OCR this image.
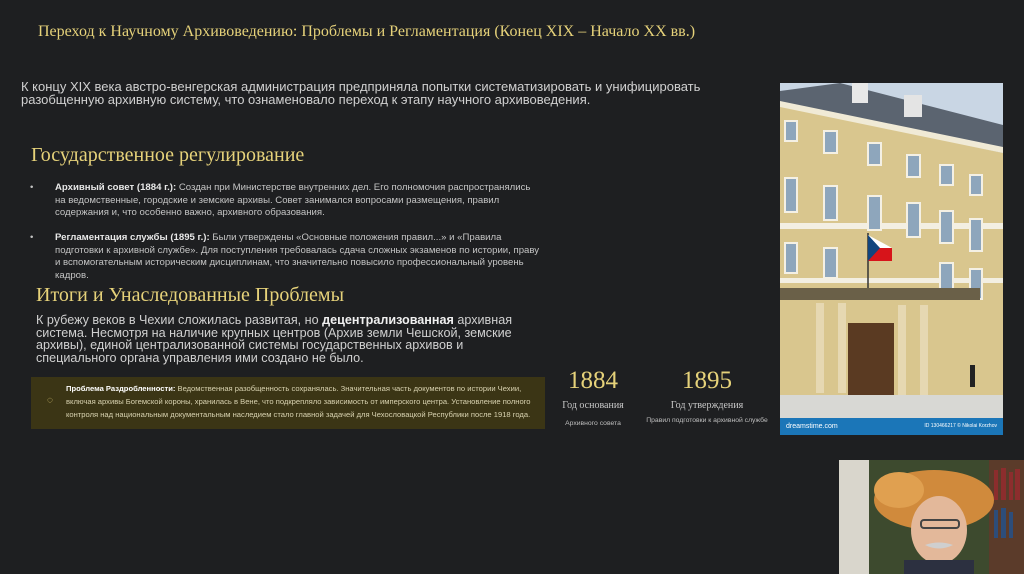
Переход к Научному Архивоведению: Проблемы и Регламентация (Конец XIX – Начало XX вв.)
К концу XIX века австро-венгерская администрация предприняла попытки систематизировать и унифицировать разобщенную архивную систему, что ознаменовало переход к этапу научного архивоведения.
Государственное регулирование
• Архивный совет (1884 г.): Создан при Министерстве внутренних дел. Его полномочия распространялись на ведомственные, городские и земские архивы. Совет занимался вопросами размещения, правил содержания и, что особенно важно, архивного образования.
• Регламентация службы (1895 г.): Были утверждены «Основные положения правил...» и «Правила подготовки к архивной службе». Для поступления требовалась сдача сложных экзаменов по истории, праву и вспомогательным историческим дисциплинам, что значительно повысило профессиональный уровень кадров.
Итоги и Унаследованные Проблемы
К рубежу веков в Чехии сложилась развитая, но децентрализованная архивная система. Несмотря на наличие крупных центров (Архив земли Чешской, земские архивы), единой централизованной системы государственных архивов и специального органа управления ими создано не было.
◌
Проблема Раздробленности: Ведомственная разобщенность сохранялась. Значительная часть документов по истории Чехии, включая архивы Богемской короны, хранилась в Вене, что подкрепляло зависимость от имперского центра. Установление полного контроля над национальным документальным наследием стало главной задачей для Чехословацкой Республики после 1918 года.
1884
Год основания
Архивного совета
1895
Год утверждения
Правил подготовки к архивной службе
dreamstime.com	ID 130466217 © Nikolai Korzhov
